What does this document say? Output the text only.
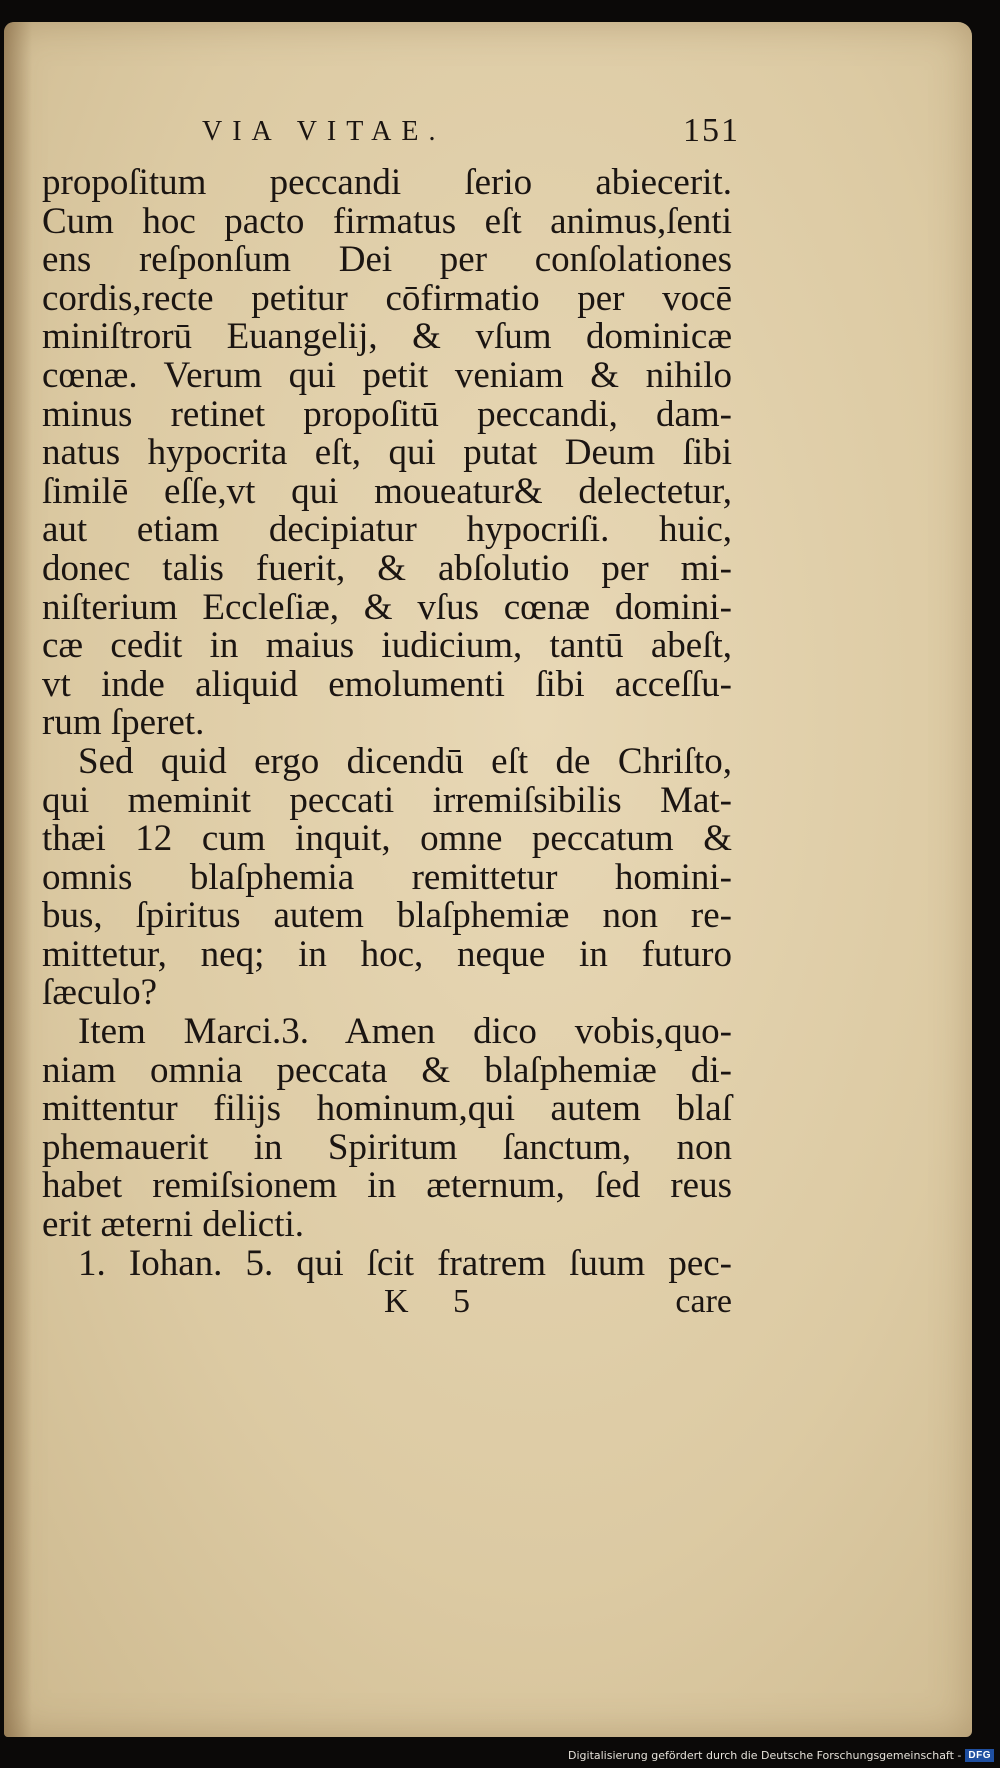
VIA VITAE.	151
propoſitum peccandi ſerio abiecerit.
Cum hoc pacto firmatus eſt animus,ſenti
ens reſponſum Dei per conſolationes
cordis,recte petitur cōfirmatio per vocē
miniſtrorū Euangelij, & vſum dominicæ
cœnæ. Verum qui petit veniam & nihilo
minus retinet propoſitū peccandi, dam-
natus hypocrita eſt, qui putat Deum ſibi
ſimilē eſſe,vt qui moueatur& delectetur,
aut etiam decipiatur hypocriſi. huic,
donec talis fuerit, & abſolutio per mi-
niſterium Eccleſiæ, & vſus cœnæ domini-
cæ cedit in maius iudicium, tantū abeſt,
vt inde aliquid emolumenti ſibi acceſſu-
rum ſperet.
Sed quid ergo dicendū eſt de Chriſto,
qui meminit peccati irremiſsibilis Mat-
thæi 12 cum inquit, omne peccatum &
omnis blaſphemia remittetur homini-
bus, ſpiritus autem blaſphemiæ non re-
mittetur, neq; in hoc, neque in futuro
ſæculo?
Item Marci.3. Amen dico vobis,quo-
niam omnia peccata & blaſphemiæ di-
mittentur filijs hominum,qui autem blaſ
phemauerit in Spiritum ſanctum, non
habet remiſsionem in æternum, ſed reus
erit æterni delicti.
1. Iohan. 5. qui ſcit fratrem ſuum pec-
K 5	care
Digitalisierung gefördert durch die Deutsche Forschungsgemeinschaft - DFG
